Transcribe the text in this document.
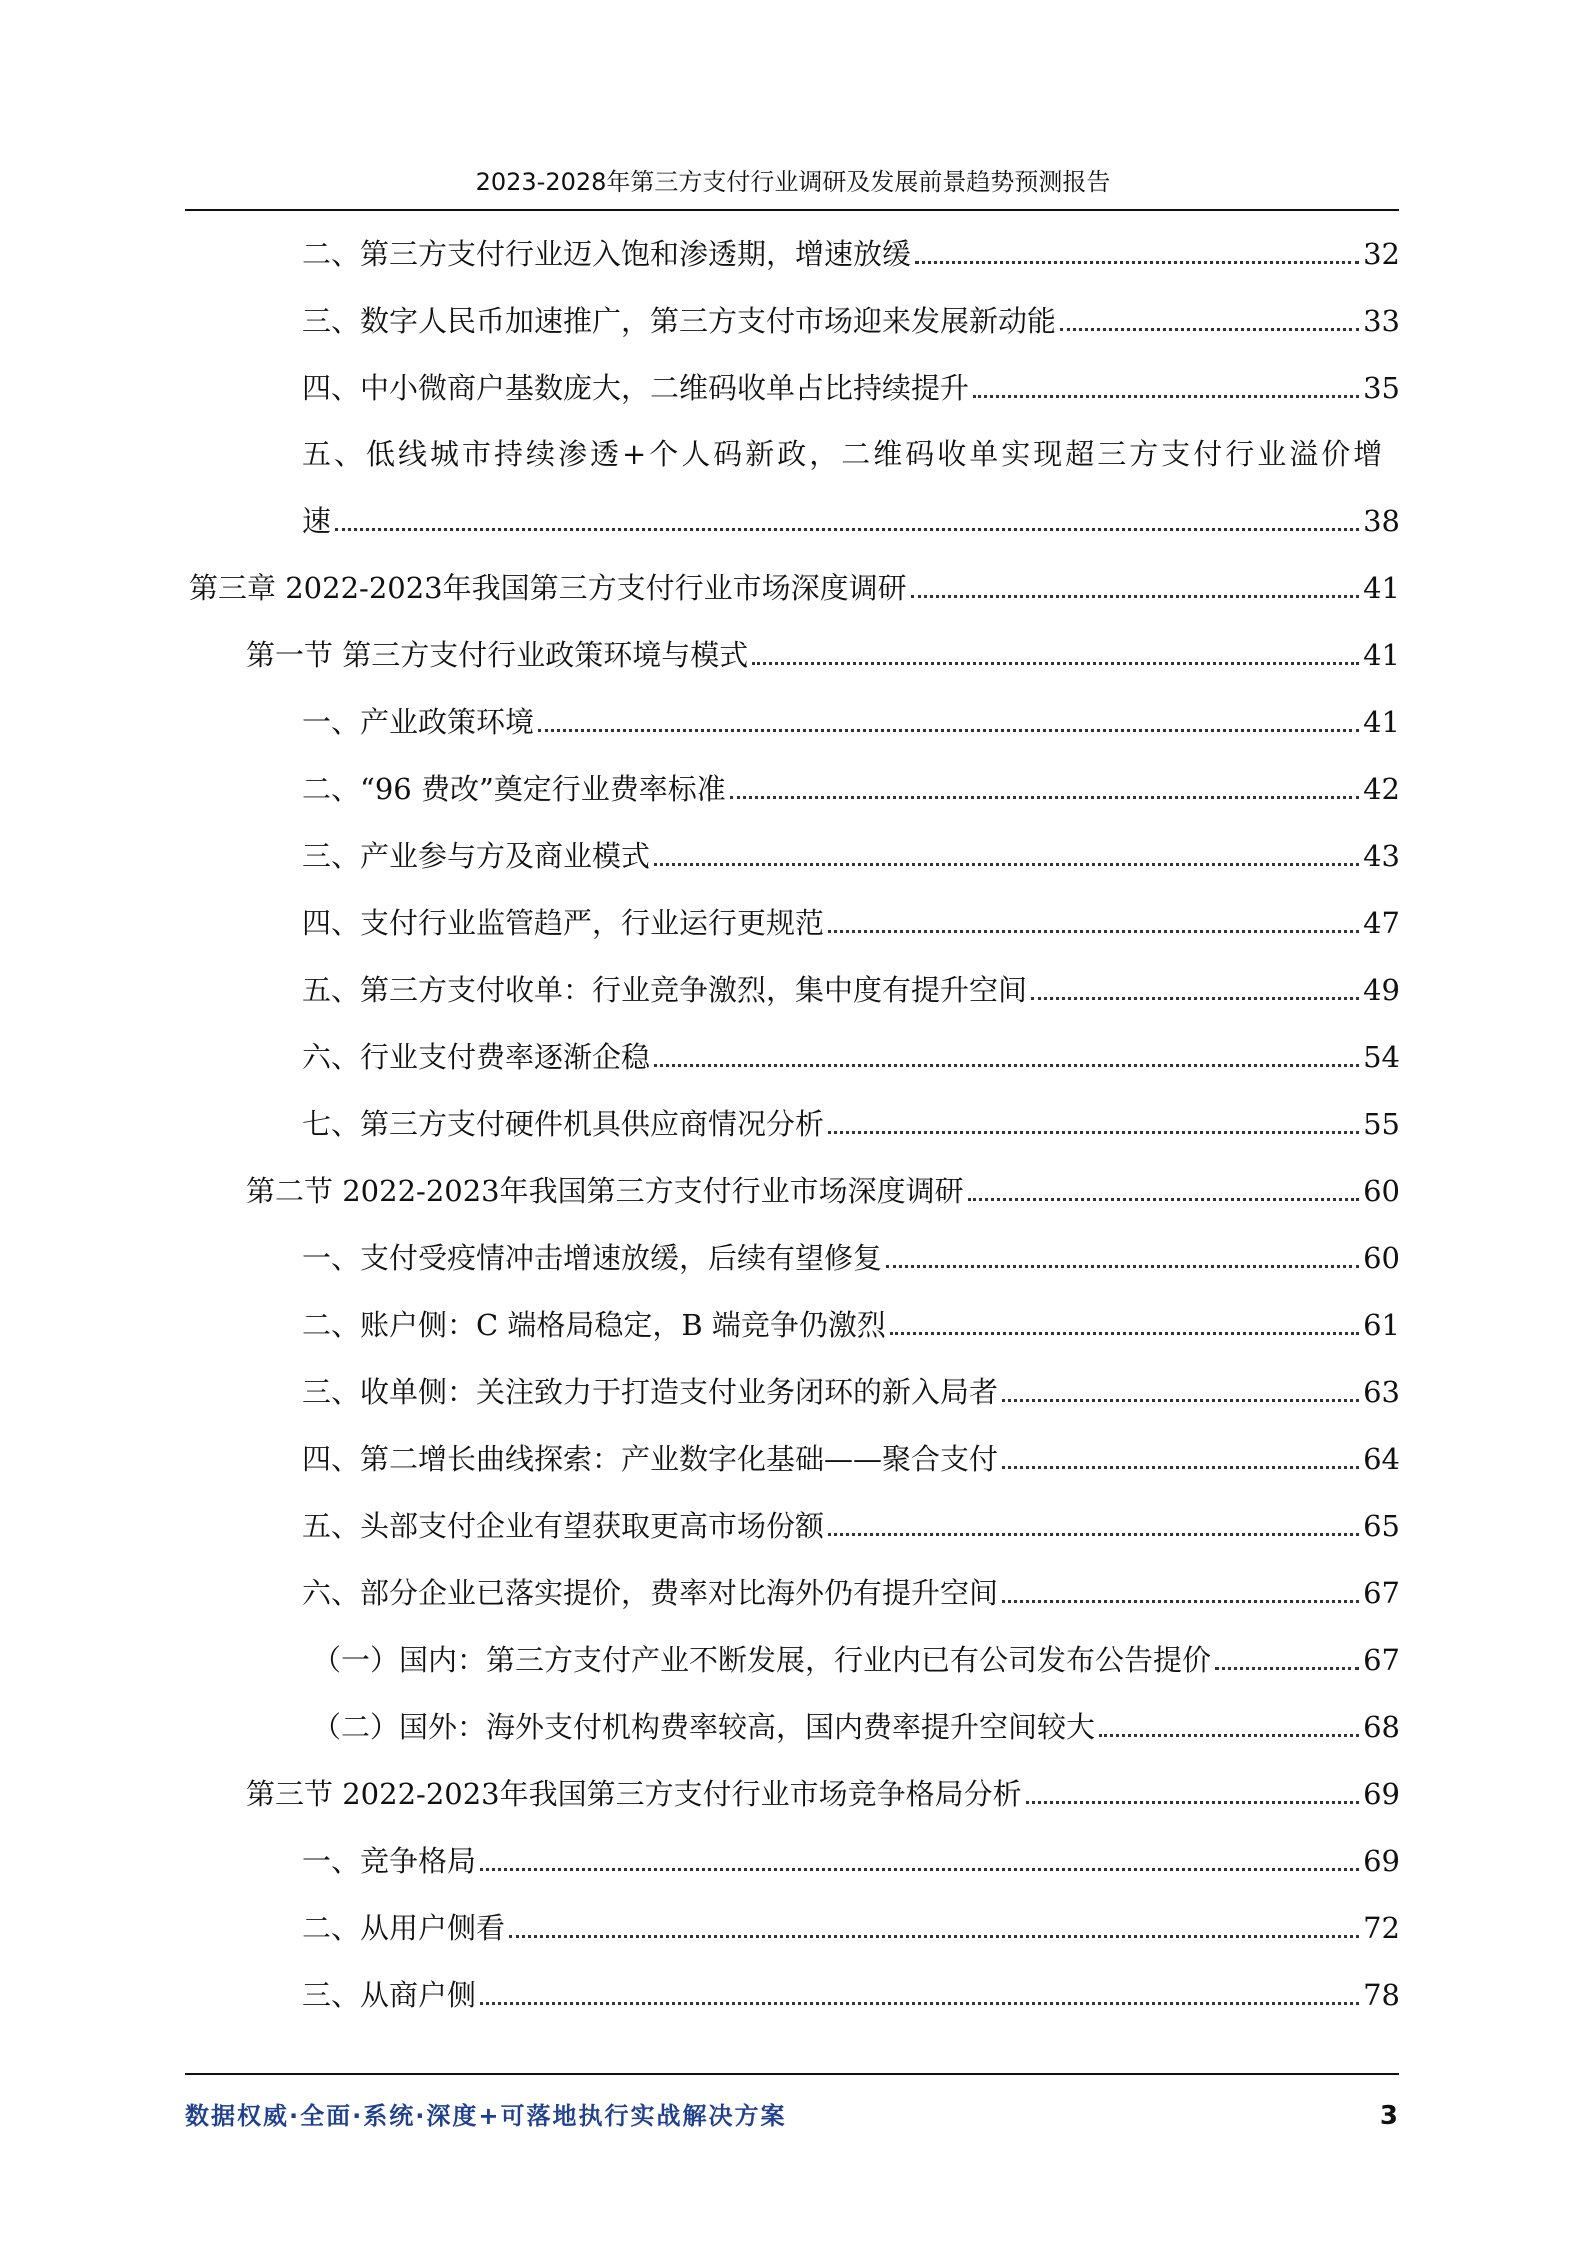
2023-2028年第三方支付行业调研及发展前景趋势预测报告
二、第三方支付行业迈入饱和渗透期，增速放缓	32
三、数字人民币加速推广，第三方支付市场迎来发展新动能	33
四、中小微商户基数庞大，二维码收单占比持续提升	35
五、低线城市持续渗透+个人码新政，二维码收单实现超三方支付行业溢价增
速	38
第三章 2022-2023年我国第三方支付行业市场深度调研	41
第一节 第三方支付行业政策环境与模式	41
一、产业政策环境	41
二、“96 费改”奠定行业费率标准	42
三、产业参与方及商业模式	43
四、支付行业监管趋严，行业运行更规范	47
五、第三方支付收单：行业竞争激烈，集中度有提升空间	49
六、行业支付费率逐渐企稳	54
七、第三方支付硬件机具供应商情况分析	55
第二节 2022-2023年我国第三方支付行业市场深度调研	60
一、支付受疫情冲击增速放缓，后续有望修复	60
二、账户侧：C 端格局稳定，B 端竞争仍激烈	61
三、收单侧：关注致力于打造支付业务闭环的新入局者	63
四、第二增长曲线探索：产业数字化基础——聚合支付	64
五、头部支付企业有望获取更高市场份额	65
六、部分企业已落实提价，费率对比海外仍有提升空间	67
（一）国内：第三方支付产业不断发展，行业内已有公司发布公告提价	67
（二）国外：海外支付机构费率较高，国内费率提升空间较大	68
第三节 2022-2023年我国第三方支付行业市场竞争格局分析	69
一、竞争格局	69
二、从用户侧看	72
三、从商户侧	78
数据权威·全面·系统·深度+可落地执行实战解决方案	3
